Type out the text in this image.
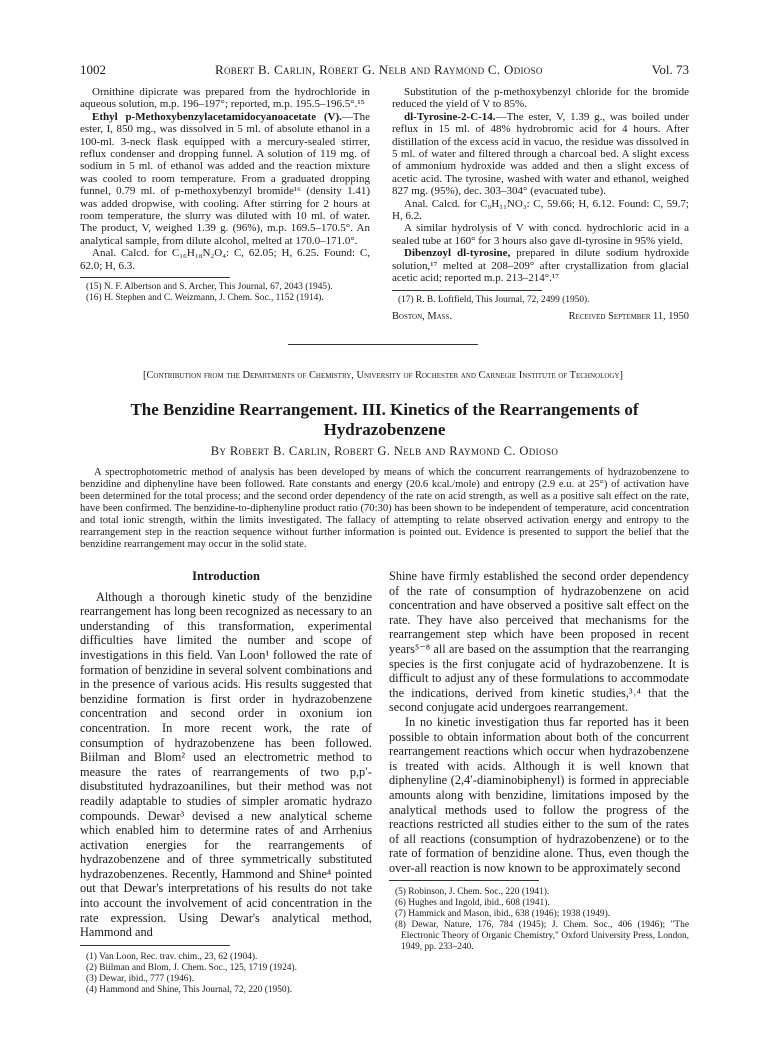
1002	Robert B. Carlin, Robert G. Nelb and Raymond C. Odioso	Vol. 73

Ornithine dipicrate was prepared from the hydrochloride in aqueous solution, m.p. 196–197°; reported, m.p. 195.5–196.5°.¹⁵

Ethyl p-Methoxybenzylacetamidocyanoacetate (V).—The ester, I, 850 mg., was dissolved in 5 ml. of absolute ethanol in a 100-ml. 3-neck flask equipped with a mercury-sealed stirrer, reflux condenser and dropping funnel. A solution of 119 mg. of sodium in 5 ml. of ethanol was added and the reaction mixture was cooled to room temperature. From a graduated dropping funnel, 0.79 ml. of p-methoxybenzyl bromide¹⁶ (density 1.41) was added dropwise, with cooling. After stirring for 2 hours at room temperature, the slurry was diluted with 10 ml. of water. The product, V, weighed 1.39 g. (96%), m.p. 169.5–170.5°. An analytical sample, from dilute alcohol, melted at 170.0–171.0°.

Anal. Calcd. for C₁₆H₁₈N₂O₄: C, 62.05; H, 6.25. Found: C, 62.0; H, 6.3.

(15) N. F. Albertson and S. Archer, This Journal, 67, 2043 (1945).
(16) H. Stephen and C. Weizmann, J. Chem. Soc., 1152 (1914).

Substitution of the p-methoxybenzyl chloride for the bromide reduced the yield of V to 85%.

dl-Tyrosine-2-C-14.—The ester, V, 1.39 g., was boiled under reflux in 15 ml. of 48% hydrobromic acid for 4 hours. After distillation of the excess acid in vacuo, the residue was dissolved in 5 ml. of water and filtered through a charcoal bed. A slight excess of ammonium hydroxide was added and then a slight excess of acetic acid. The tyrosine, washed with water and ethanol, weighed 827 mg. (95%), dec. 303–304° (evacuated tube).

Anal. Calcd. for C₉H₁₁NO₃: C, 59.66; H, 6.12. Found: C, 59.7; H, 6.2.

A similar hydrolysis of V with concd. hydrochloric acid in a sealed tube at 160° for 3 hours also gave dl-tyrosine in 95% yield.

Dibenzoyl dl-tyrosine, prepared in dilute sodium hydroxide solution,¹⁷ melted at 208–209° after crystallization from glacial acetic acid; reported m.p. 213–214°.¹⁷

(17) R. B. Loftfield, This Journal, 72, 2499 (1950).
Boston, Mass.	Received September 11, 1950
[Contribution from the Departments of Chemistry, University of Rochester and Carnegie Institute of Technology]
The Benzidine Rearrangement. III. Kinetics of the Rearrangements of Hydrazobenzene
By Robert B. Carlin, Robert G. Nelb and Raymond C. Odioso
A spectrophotometric method of analysis has been developed by means of which the concurrent rearrangements of hydrazobenzene to benzidine and diphenyline have been followed. Rate constants and energy (20.6 kcal./mole) and entropy (2.9 e.u. at 25°) of activation have been determined for the total process; and the second order dependency of the rate on acid strength, as well as a positive salt effect on the rate, have been confirmed. The benzidine-to-diphenyline product ratio (70:30) has been shown to be independent of temperature, acid concentration and total ionic strength, within the limits investigated. The fallacy of attempting to relate observed activation energy and entropy to the rearrangement step in the reaction sequence without further information is pointed out. Evidence is presented to support the belief that the benzidine rearrangement may occur in the solid state.
Introduction

Although a thorough kinetic study of the benzidine rearrangement has long been recognized as necessary to an understanding of this transformation, experimental difficulties have limited the number and scope of investigations in this field. Van Loon¹ followed the rate of formation of benzidine in several solvent combinations and in the presence of various acids. His results suggested that benzidine formation is first order in hydrazobenzene concentration and second order in oxonium ion concentration. In more recent work, the rate of consumption of hydrazobenzene has been followed. Biilman and Blom² used an electrometric method to measure the rates of rearrangements of two p,p′-disubstituted hydrazoanilines, but their method was not readily adaptable to studies of simpler aromatic hydrazo compounds. Dewar³ devised a new analytical scheme which enabled him to determine rates of and Arrhenius activation energies for the rearrangements of hydrazobenzene and of three symmetrically substituted hydrazobenzenes. Recently, Hammond and Shine⁴ pointed out that Dewar's interpretations of his results do not take into account the involvement of acid concentration in the rate expression. Using Dewar's analytical method, Hammond and

(1) Van Loon, Rec. trav. chim., 23, 62 (1904).
(2) Biilman and Blom, J. Chem. Soc., 125, 1719 (1924).
(3) Dewar, ibid., 777 (1946).
(4) Hammond and Shine, This Journal, 72, 220 (1950).

Shine have firmly established the second order dependency of the rate of consumption of hydrazobenzene on acid concentration and have observed a positive salt effect on the rate. They have also perceived that mechanisms for the rearrangement step which have been proposed in recent years⁵⁻⁸ all are based on the assumption that the rearranging species is the first conjugate acid of hydrazobenzene. It is difficult to adjust any of these formulations to accommodate the indications, derived from kinetic studies,³˒⁴ that the second conjugate acid undergoes rearrangement.

In no kinetic investigation thus far reported has it been possible to obtain information about both of the concurrent rearrangement reactions which occur when hydrazobenzene is treated with acids. Although it is well known that diphenyline (2,4′-diaminobiphenyl) is formed in appreciable amounts along with benzidine, limitations imposed by the analytical methods used to follow the progress of the reactions restricted all studies either to the sum of the rates of all reactions (consumption of hydrazobenzene) or to the rate of formation of benzidine alone. Thus, even though the over-all reaction is now known to be approximately second

(5) Robinson, J. Chem. Soc., 220 (1941).
(6) Hughes and Ingold, ibid., 608 (1941).
(7) Hammick and Mason, ibid., 638 (1946); 1938 (1949).
(8) Dewar, Nature, 176, 784 (1945); J. Chem. Soc., 406 (1946); "The Electronic Theory of Organic Chemistry," Oxford University Press, London, 1949, pp. 233–240.
